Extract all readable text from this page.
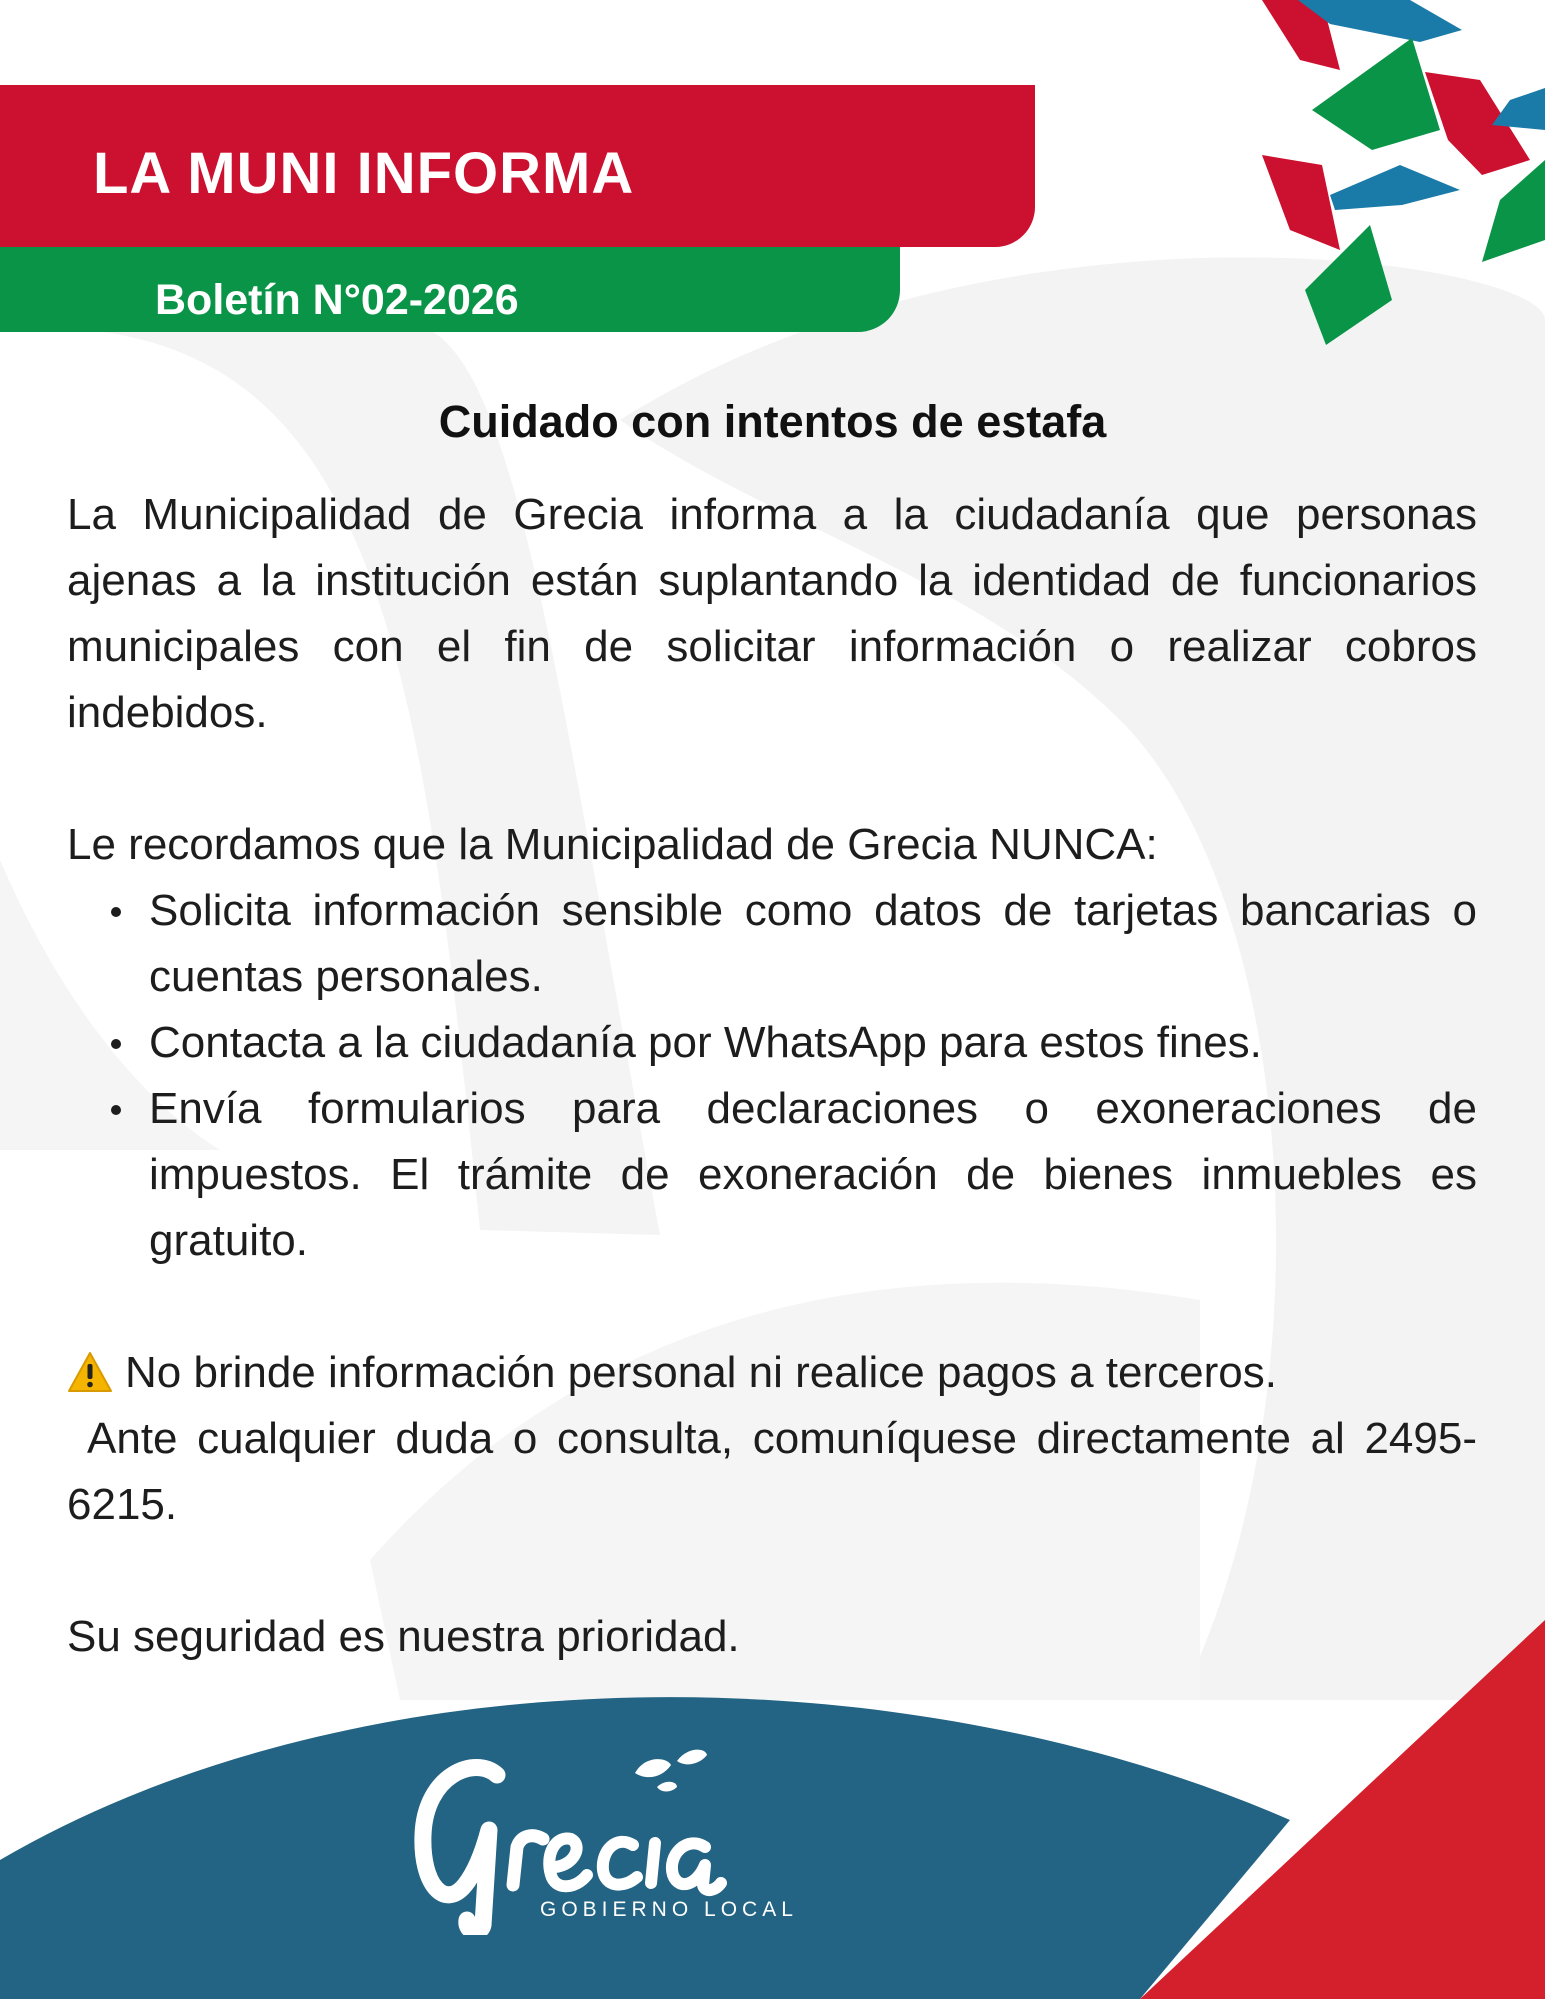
LA MUNI INFORMA
Boletín N°02-2026
Cuidado con intentos de estafa

La Municipalidad de Grecia informa a la ciudadanía que personas ajenas a la institución están suplantando la identidad de funcionarios municipales con el fin de solicitar información o realizar cobros indebidos.

Le recordamos que la Municipalidad de Grecia NUNCA:

Solicita información sensible como datos de tarjetas bancarias o cuentas personales.
Contacta a la ciudadanía por WhatsApp para estos fines.
Envía formularios para declaraciones o exoneraciones de impuestos. El trámite de exoneración de bienes inmuebles es gratuito.

No brinde información personal ni realice pagos a terceros.

Ante cualquier duda o consulta, comuníquese directamente al 2495-6215.

Su seguridad es nuestra prioridad.

GOBIERNO LOCAL
